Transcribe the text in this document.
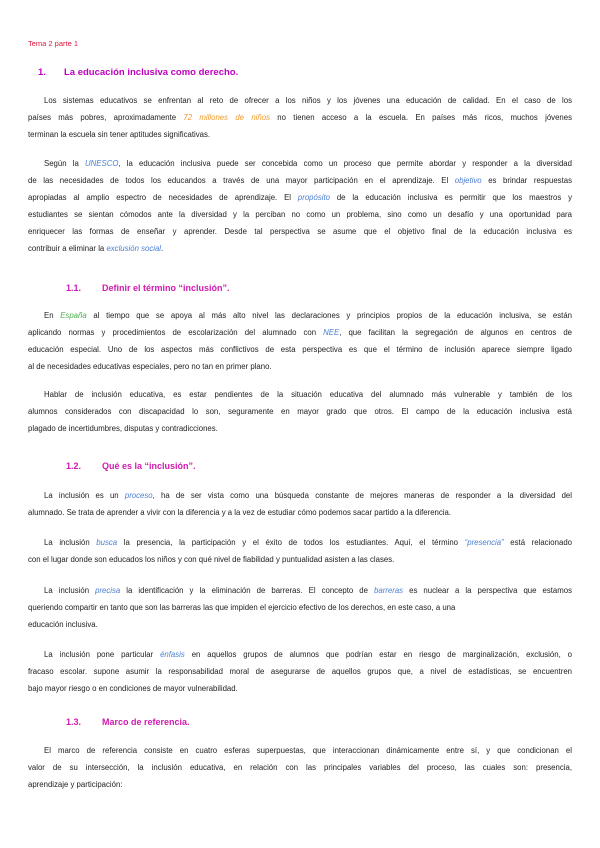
Tema 2 parte 1
1. La educación inclusiva como derecho.
Los sistemas educativos se enfrentan al reto de ofrecer a los niños y los jóvenes una educación de calidad. En el caso de los
países más pobres, aproximadamente 72 millones de niños no tienen acceso a la escuela. En países más ricos, muchos jóvenes
terminan la escuela sin tener aptitudes significativas.
Según la UNESCO, la educación inclusiva puede ser concebida como un proceso que permite abordar y responder a la diversidad
de las necesidades de todos los educandos a través de una mayor participación en el aprendizaje. El objetivo es brindar respuestas
apropiadas al amplio espectro de necesidades de aprendizaje. El propósito de la educación inclusiva es permitir que los maestros y
estudiantes se sientan cómodos ante la diversidad y la perciban no como un problema, sino como un desafío y una oportunidad para
enriquecer las formas de enseñar y aprender. Desde tal perspectiva se asume que el objetivo final de la educación inclusiva es
contribuir a eliminar la exclusión social.
1.1. Definir el término “inclusión”.
En España al tiempo que se apoya al más alto nivel las declaraciones y principios propios de la educación inclusiva, se están
aplicando normas y procedimientos de escolarización del alumnado con NEE, que facilitan la segregación de algunos en centros de
educación especial. Uno de los aspectos más conflictivos de esta perspectiva es que el término de inclusión aparece siempre ligado
al de necesidades educativas especiales, pero no tan en primer plano.
Hablar de inclusión educativa, es estar pendientes de la situación educativa del alumnado más vulnerable y también de los
alumnos considerados con discapacidad lo son, seguramente en mayor grado que otros. El campo de la educación inclusiva está
plagado de incertidumbres, disputas y contradicciones.
1.2. Qué es la “inclusión”.
La inclusión es un proceso, ha de ser vista como una búsqueda constante de mejores maneras de responder a la diversidad del
alumnado. Se trata de aprender a vivir con la diferencia y a la vez de estudiar cómo podemos sacar partido a la diferencia.
La inclusión busca la presencia, la participación y el éxito de todos los estudiantes. Aquí, el término “presencia” está relacionado
con el lugar donde son educados los niños y con qué nivel de fiabilidad y puntualidad asisten a las clases.
La inclusión precisa la identificación y la eliminación de barreras. El concepto de barreras es nuclear a la perspectiva que estamos
queriendo compartir en tanto que son las barreras las que impiden el ejercicio efectivo de los derechos, en este caso, a una
educación inclusiva.
La inclusión pone particular énfasis en aquellos grupos de alumnos que podrían estar en riesgo de marginalización, exclusión, o
fracaso escolar. supone asumir la responsabilidad moral de asegurarse de aquellos grupos que, a nivel de estadísticas, se encuentren
bajo mayor riesgo o en condiciones de mayor vulnerabilidad.
1.3. Marco de referencia.
El marco de referencia consiste en cuatro esferas superpuestas, que interaccionan dinámicamente entre sí, y que condicionan el
valor de su intersección, la inclusión educativa, en relación con las principales variables del proceso, las cuales son: presencia,
aprendizaje y participación:
